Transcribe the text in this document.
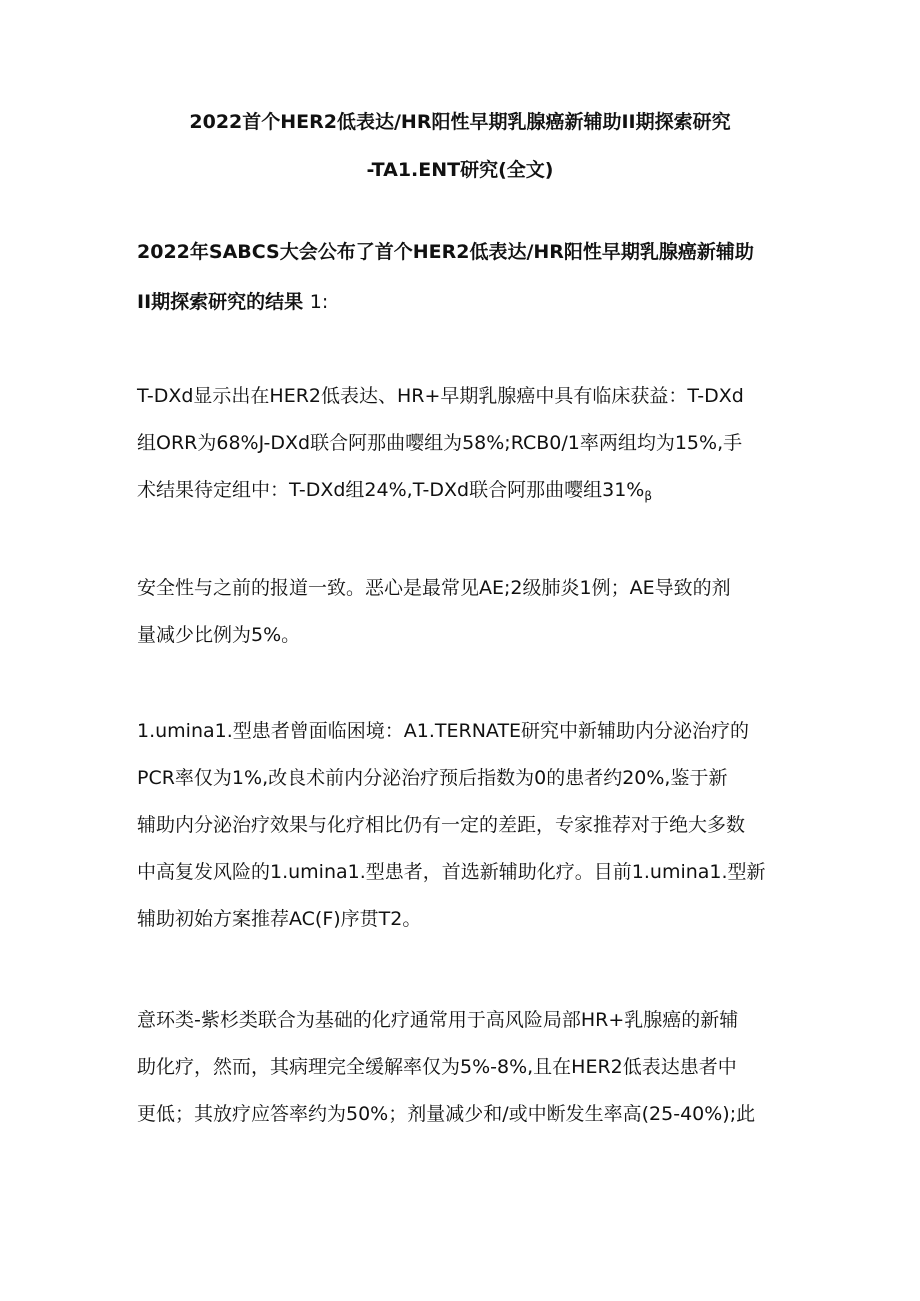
2022首个HER2低表达/HR阳性早期乳腺癌新辅助II期探索研究
-TA1.ENT研究(全文)
2022年SABCS大会公布了首个HER2低表达/HR阳性早期乳腺癌新辅助
II期探索研究的结果 1:
T-DXd显示出在HER2低表达、HR+早期乳腺癌中具有临床获益：T-DXd
组ORR为68%J-DXd联合阿那曲嘤组为58%;RCB0/1率两组均为15%,手
术结果待定组中：T-DXd组24%,T-DXd联合阿那曲嘤组$31\%_\beta$
安全性与之前的报道一致。恶心是最常见AE;2级肺炎1例；AE导致的剂
量减少比例为5%。
1.umina1.型患者曾面临困境：A1.TERNATE研究中新辅助内分泌治疗的
PCR率仅为1%,改良术前内分泌治疗预后指数为0的患者约20%,鉴于新
辅助内分泌治疗效果与化疗相比仍有一定的差距，专家推荐对于绝大多数
中高复发风险的1.umina1.型患者，首选新辅助化疗。目前1.umina1.型新
辅助初始方案推荐AC(F)序贯T2。
意环类-紫杉类联合为基础的化疗通常用于高风险局部HR+乳腺癌的新辅
助化疗，然而，其病理完全缓解率仅为5%-8%,且在HER2低表达患者中
更低；其放疗应答率约为50%；剂量减少和/或中断发生率高(25-40%);此
